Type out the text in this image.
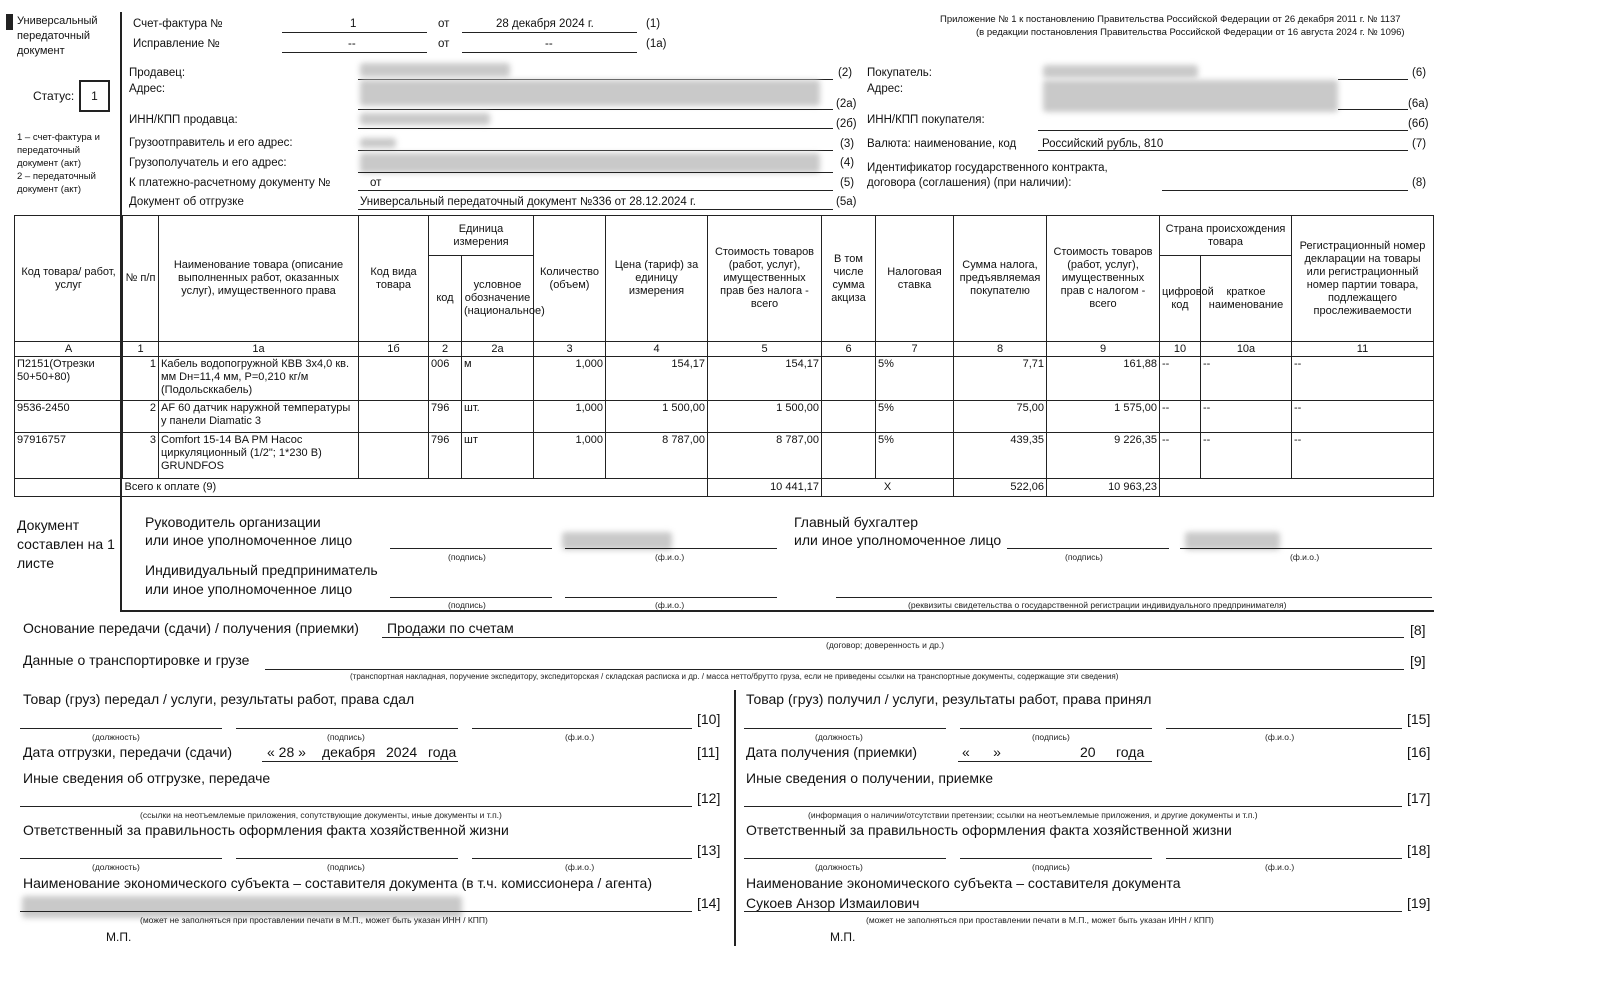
Универсальный передаточный документ
Статус:	1
1 – счет-фактура и передаточный документ (акт)
2 – передаточный документ (акт)
Счет-фактура №	1	от	28 декабря 2024 г.	(1)
Исправление №	--	от	--	(1а)
Приложение № 1 к постановлению Правительства Российской Федерации от 26 декабря 2011 г. № 1137
(в редакции постановления Правительства Российской Федерации от 16 августа 2024 г. № 1096)
Продавец:	(2)
Адрес:
(2а)
ИНН/КПП продавца:	(2б)
Грузоотправитель и его адрес:	(3)
Грузополучатель и его адрес:	(4)
К платежно-расчетному документу №	от	(5)
Документ об отгрузке	Универсальный передаточный документ №336 от 28.12.2024 г.	(5а)
Покупатель:	(6)
Адрес:
(6а)
ИНН/КПП покупателя:	(6б)
Валюта: наименование, код Российский рубль, 810	(7)
Идентификатор государственного контракта,
договора (соглашения) (при наличии):	(8)
Код товара/ работ, услуг	№ п/п	Наименование товара (описание выполненных работ, оказанных услуг), имущественного права	Код вида товара	Единица измерения		Количество (объем)	Цена (тариф) за единицу измерения	Стоимость товаров (работ, услуг), имущественных прав без налога - всего	В том числе сумма акциза	Налоговая ставка	Сумма налога, предъявляемая покупателю	Стоимость товаров (работ, услуг), имущественных прав с налогом - всего	Страна происхождения товара		Регистрационный номер декларации на товары или регистрационный номер партии товара, подлежащего прослеживаемости
				код	условное обозначение (национальное)								цифровой код	краткое наименование	
А	1	1а	1б	2	2а	3	4	5	6	7	8	9	10	10а	11
П2151(Отрезки 50+50+80)	1	Кабель водопогружной КВВ 3х4,0 кв. мм Dн=11,4 мм, P=0,210 кг/м (Подольсккабель)		006	м	1,000	154,17	154,17		5%	7,71	161,88	--	--	--
9536-2450	2	AF 60 датчик наружной температуры у панели Diamatic 3		796	шт.	1,000	1 500,00	1 500,00		5%	75,00	1 575,00	--	--	--
97916757	3	Comfort 15-14 BA PM Насос циркуляционный (1/2"; 1*230 В) GRUNDFOS		796	шт	1,000	8 787,00	8 787,00		5%	439,35	9 226,35	--	--	--
	Всего к оплате (9)							10 441,17	Х		522,06	10 963,23			
Документ составлен на 1 листе
Руководитель организации
или иное уполномоченное лицо
(подпись)	(ф.и.о.)
Главный бухгалтер
или иное уполномоченное лицо
(подпись)	(ф.и.о.)
Индивидуальный предприниматель
или иное уполномоченное лицо
(подпись)	(ф.и.о.)	(реквизиты свидетельства о государственной регистрации индивидуального предпринимателя)
Основание передачи (сдачи) / получения (приемки) Продажи по счетам	[8]
(договор; доверенность и др.)
Данные о транспортировке и грузе	[9]
(транспортная накладная, поручение экспедитору, экспедиторская / складская расписка и др. / масса нетто/брутто груза, если не приведены ссылки на транспортные документы, содержащие эти сведения)
Товар (груз) передал / услуги, результаты работ, права сдал
[10]
(должность)	(подпись)	(ф.и.о.)
Дата отгрузки, передачи (сдачи) « 28 » декабря 2024 года	[11]
Иные сведения об отгрузке, передаче
[12]
(ссылки на неотъемлемые приложения, сопутствующие документы, иные документы и т.п.)
Ответственный за правильность оформления факта хозяйственной жизни
[13]
(должность)	(подпись)	(ф.и.о.)
Наименование экономического субъекта – составителя документа (в т.ч. комиссионера / агента)
[14]
(может не заполняться при проставлении печати в М.П., может быть указан ИНН / КПП)
М.П.
Товар (груз) получил / услуги, результаты работ, права принял
[15]
(должность)	(подпись)	(ф.и.о.)
Дата получения (приемки)	«      »	20 года	[16]
Иные сведения о получении, приемке
[17]
(информация о наличии/отсутствии претензии; ссылки на неотъемлемые приложения, и другие документы и т.п.)
Ответственный за правильность оформления факта хозяйственной жизни
[18]
(должность)	(подпись)	(ф.и.о.)
Наименование экономического субъекта – составителя документа
Сукоев Анзор Измаилович	[19]
(может не заполняться при проставлении печати в М.П., может быть указан ИНН / КПП)
М.П.
